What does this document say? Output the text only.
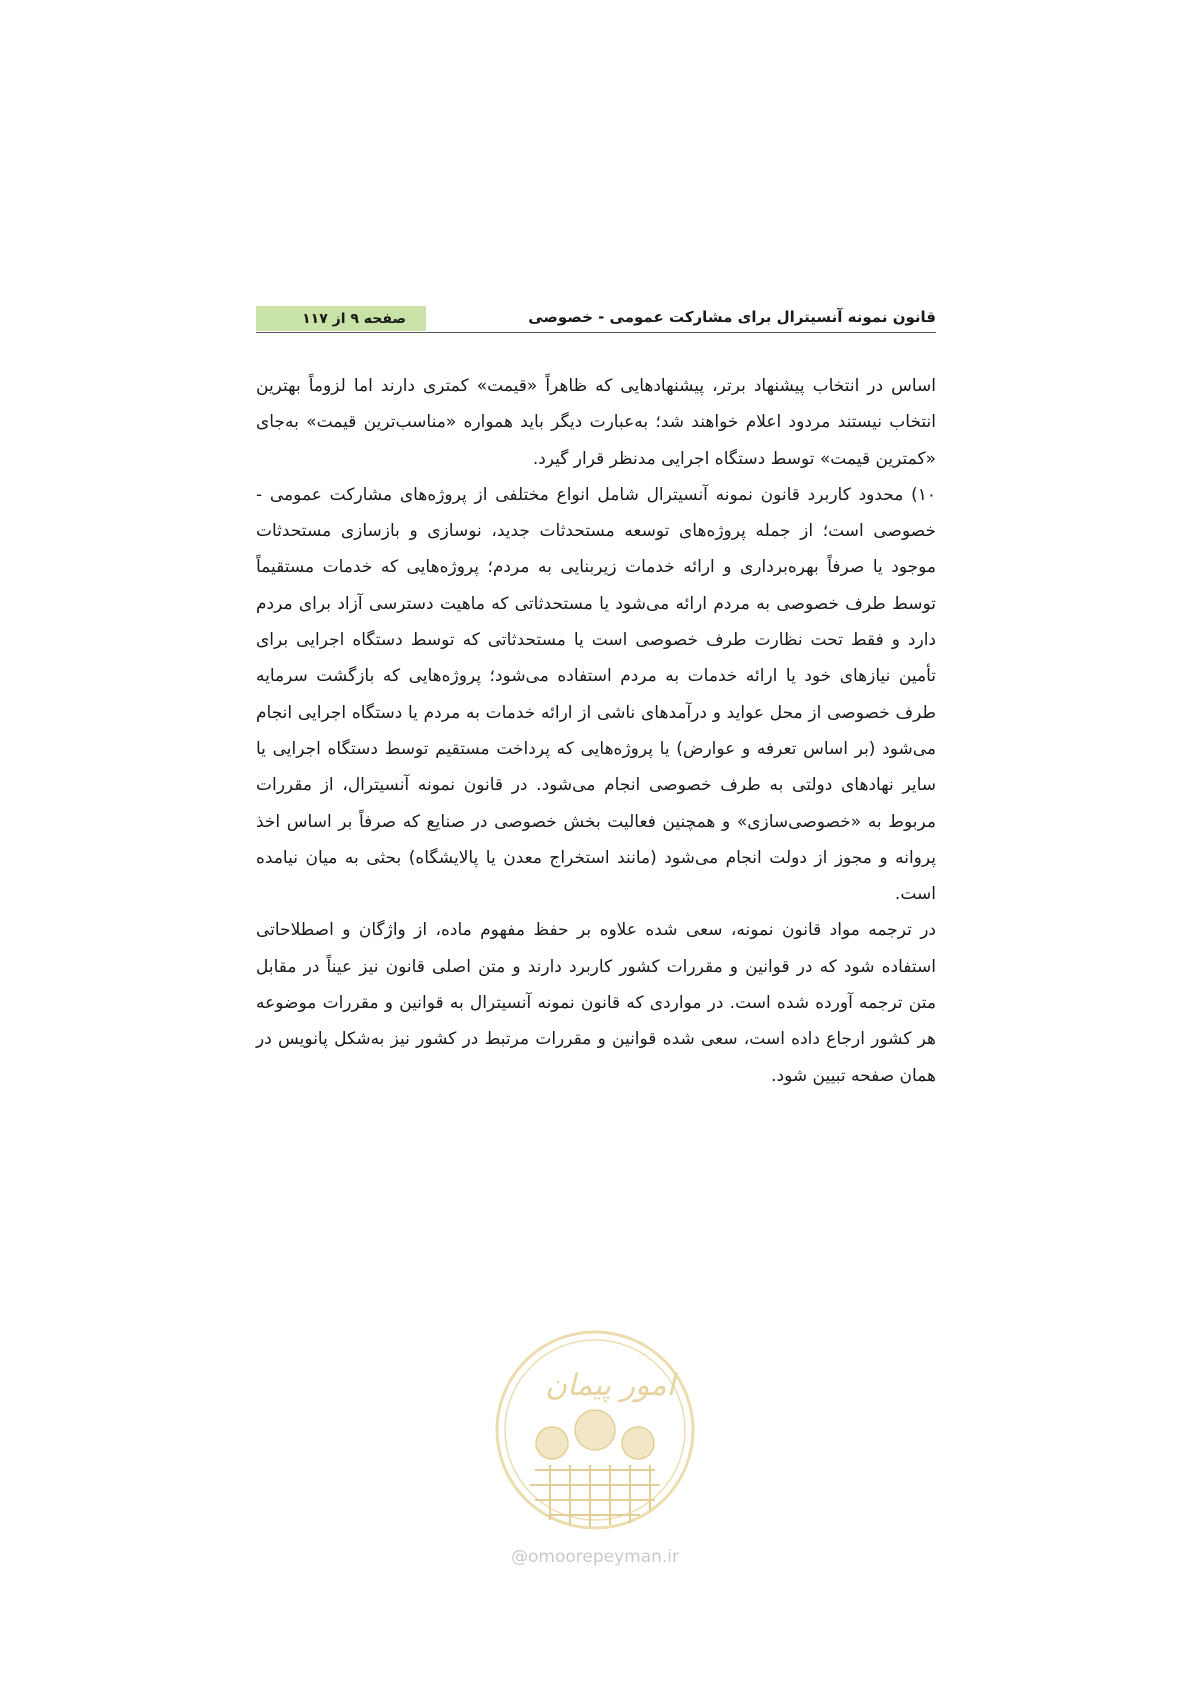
قانون نمونه آنسیترال برای مشارکت عمومی - خصوصی
صفحه ۹ از ۱۱۷

اساس در انتخاب پیشنهاد برتر، پیشنهادهایی که ظاهراً «قیمت» کمتری دارند اما لزوماً بهترین انتخاب نیستند مردود اعلام خواهند شد؛ به‌عبارت دیگر باید همواره «مناسب‌ترین قیمت» به‌جای «کمترین قیمت» توسط دستگاه اجرایی مدنظر قرار گیرد.

۱۰) محدود کاربرد قانون نمونه آنسیترال شامل انواع مختلفی از پروژه‌های مشارکت عمومی - خصوصی است؛ از جمله پروژه‌های توسعه مستحدثات جدید، نوسازی و بازسازی مستحدثات موجود یا صرفاً بهره‌برداری و ارائه خدمات زیربنایی به مردم؛ پروژه‌هایی که خدمات مستقیماً توسط طرف خصوصی به مردم ارائه می‌شود یا مستحدثاتی که ماهیت دسترسی آزاد برای مردم دارد و فقط تحت نظارت طرف خصوصی است یا مستحدثاتی که توسط دستگاه اجرایی برای تأمین نیازهای خود یا ارائه خدمات به مردم استفاده می‌شود؛ پروژه‌هایی که بازگشت سرمایه طرف خصوصی از محل عواید و درآمدهای ناشی از ارائه خدمات به مردم یا دستگاه اجرایی انجام می‌شود (بر اساس تعرفه و عوارض) یا پروژه‌هایی که پرداخت مستقیم توسط دستگاه اجرایی یا سایر نهادهای دولتی به طرف خصوصی انجام می‌شود. در قانون نمونه آنسیترال، از مقررات مربوط به «خصوصی‌سازی» و همچنین فعالیت بخش خصوصی در صنایع که صرفاً بر اساس اخذ پروانه و مجوز از دولت انجام می‌شود (مانند استخراج معدن یا پالایشگاه) بحثی به میان نیامده است.

در ترجمه مواد قانون نمونه، سعی شده علاوه بر حفظ مفهوم ماده، از واژگان و اصطلاحاتی استفاده شود که در قوانین و مقررات کشور کاربرد دارند و متن اصلی قانون نیز عیناً در مقابل متن ترجمه آورده شده است. در مواردی که قانون نمونه آنسیترال به قوانین و مقررات موضوعه هر کشور ارجاع داده است، سعی شده قوانین و مقررات مرتبط در کشور نیز به‌شکل پانویس در همان صفحه تبیین شود.

امور پیمان
@omoorepeyman.ir
